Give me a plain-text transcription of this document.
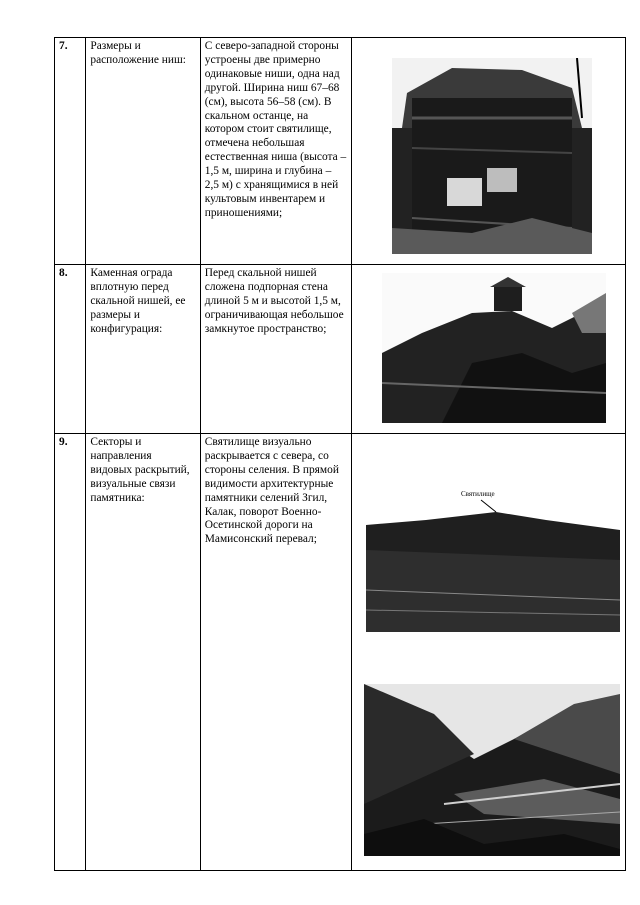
7.	Размеры и расположение ниш:	С северо-западной стороны устроены две примерно одинаковые ниши, одна над другой. Ширина ниш 67–68 (см), высота 56–58 (см). В скальном останце, на котором стоит святилище, отмечена небольшая естественная ниша (высота – 1,5 м, ширина и глубина – 2,5 м) с хранящимися в ней культовым инвентарем и приношениями;	

8.	Каменная ограда вплотную перед скальной нишей, ее размеры и конфигурация:	Перед скальной нишей сложена подпорная стена длиной 5 м и высотой 1,5 м, ограничивающая небольшое замкнутое пространство;	

9.	Секторы и направления видовых раскрытий, визуальные связи памятника:	Святилище визуально раскрывается с севера, со стороны селения. В прямой видимости архитектурные памятники селений Згил, Калак, поворот Военно-Осетинской дороги на Мамисонский перевал;	Святилище
